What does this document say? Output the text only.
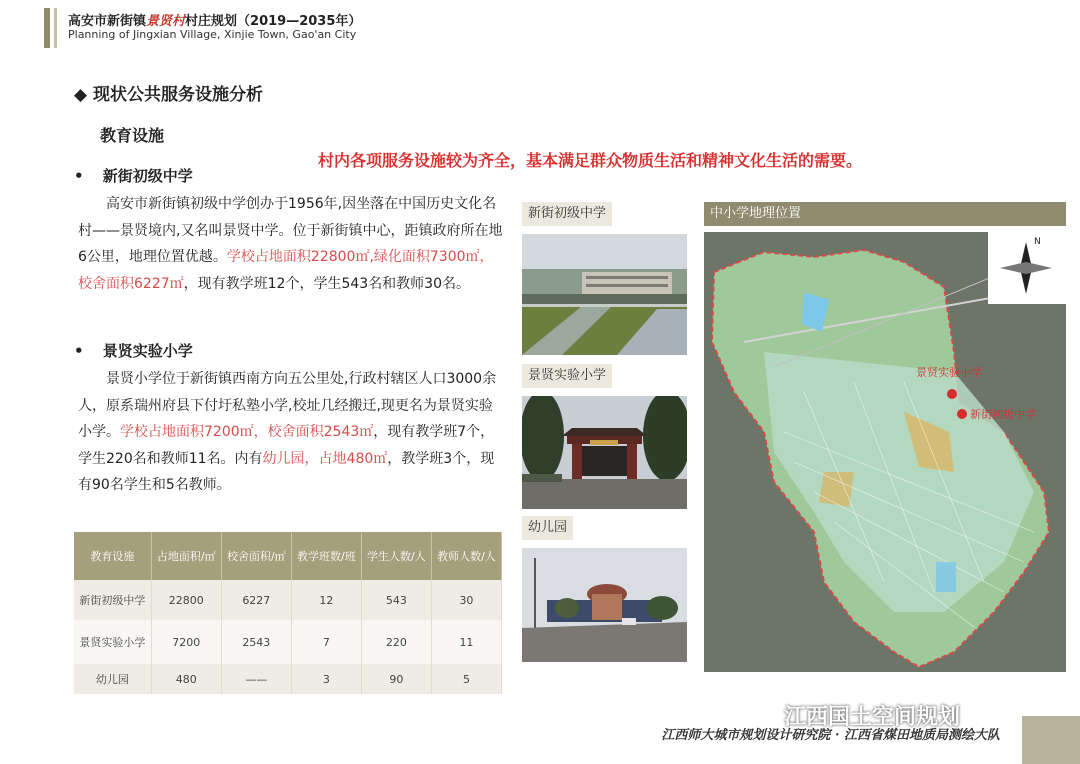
高安市新街镇景贤村村庄规划（2019—2035年）
Planning of Jingxian Village, Xinjie Town, Gao'an City
◆ 现状公共服务设施分析
教育设施
村内各项服务设施较为齐全，基本满足群众物质生活和精神文化生活的需要。
• 新街初级中学
高安市新街镇初级中学创办于1956年,因坐落在中国历史文化名村——景贤境内,又名叫景贤中学。位于新街镇中心，距镇政府所在地6公里，地理位置优越。学校占地面积22800㎡,绿化面积7300㎡，校舍面积6227㎡，现有教学班12个，学生543名和教师30名。
• 景贤实验小学
景贤小学位于新街镇西南方向五公里处,行政村辖区人口3000余人，原系瑞州府县下付圩私塾小学,校址几经搬迁,现更名为景贤实验小学。学校占地面积7200㎡，校舍面积2543㎡，现有教学班7个，学生220名和教师11名。内有幼儿园，占地480㎡，教学班3个，现有90名学生和5名教师。
教育设施	占地面积/㎡	校舍面积/㎡	教学班数/班	学生人数/人	教师人数/人
新街初级中学	22800	6227	12	543	30
景贤实验小学	7200	2543	7	220	11
幼儿园	480	——	3	90	5
新街初级中学
景贤实验小学
幼儿园
中小学地理位置
N
景贤实验小学
新街初级中学
江西国土空间规划
江西师大城市规划设计研究院 · 江西省煤田地质局测绘大队
